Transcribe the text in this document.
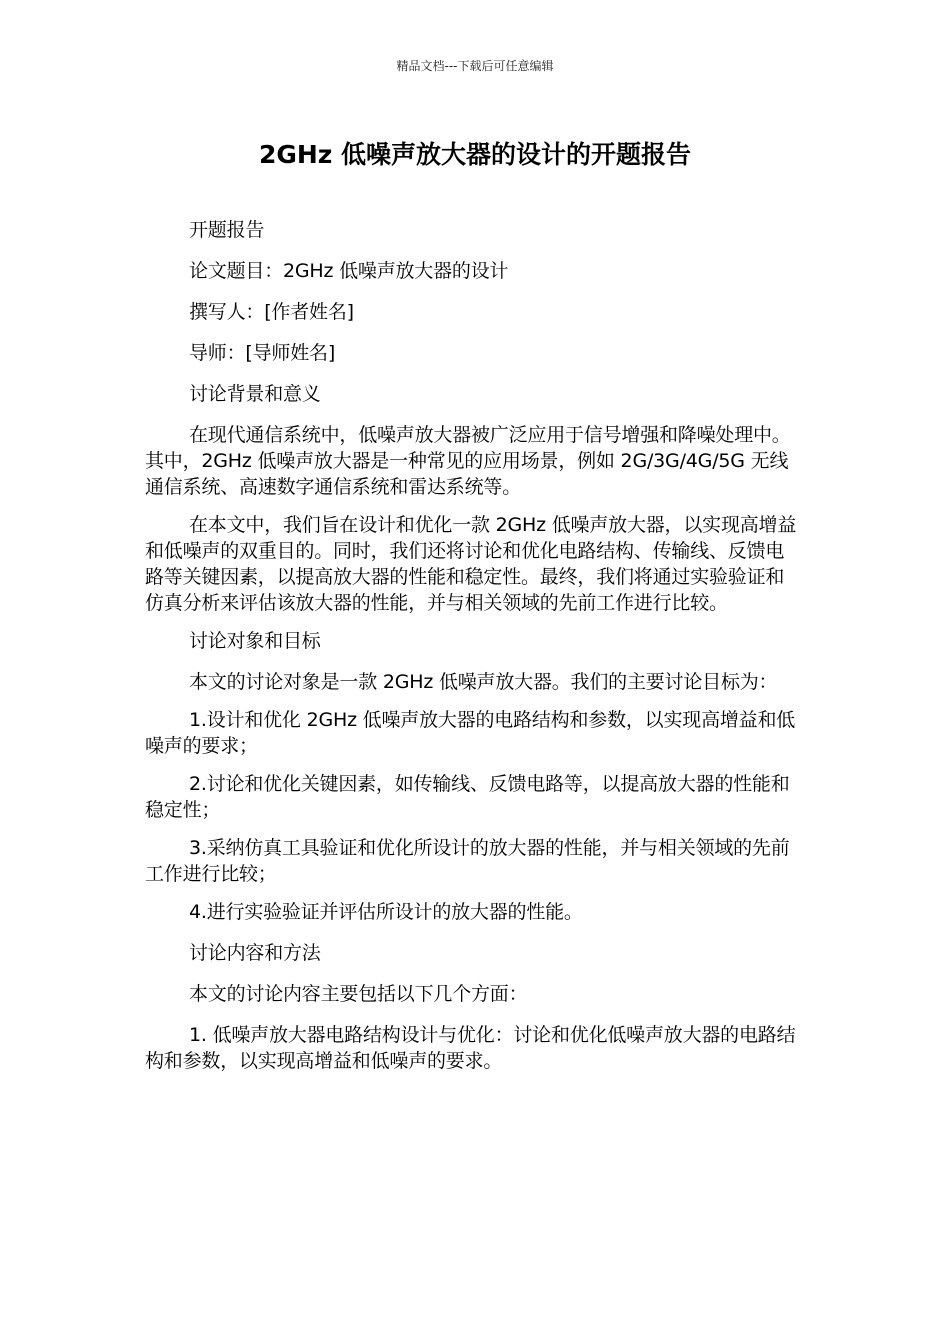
精品文档---下载后可任意编辑
2GHz 低噪声放大器的设计的开题报告

开题报告

论文题目：2GHz 低噪声放大器的设计

撰写人：[作者姓名]

导师：[导师姓名]

讨论背景和意义

在现代通信系统中，低噪声放大器被广泛应用于信号增强和降噪处理中。其中，2GHz 低噪声放大器是一种常见的应用场景，例如 2G/3G/4G/5G 无线通信系统、高速数字通信系统和雷达系统等。

在本文中，我们旨在设计和优化一款 2GHz 低噪声放大器，以实现高增益和低噪声的双重目的。同时，我们还将讨论和优化电路结构、传输线、反馈电路等关键因素，以提高放大器的性能和稳定性。最终，我们将通过实验验证和仿真分析来评估该放大器的性能，并与相关领域的先前工作进行比较。

讨论对象和目标

本文的讨论对象是一款 2GHz 低噪声放大器。我们的主要讨论目标为：

1.设计和优化 2GHz 低噪声放大器的电路结构和参数，以实现高增益和低噪声的要求；

2.讨论和优化关键因素，如传输线、反馈电路等，以提高放大器的性能和稳定性；

3.采纳仿真工具验证和优化所设计的放大器的性能，并与相关领域的先前工作进行比较；

4.进行实验验证并评估所设计的放大器的性能。

讨论内容和方法

本文的讨论内容主要包括以下几个方面：

1. 低噪声放大器电路结构设计与优化：讨论和优化低噪声放大器的电路结构和参数，以实现高增益和低噪声的要求。
